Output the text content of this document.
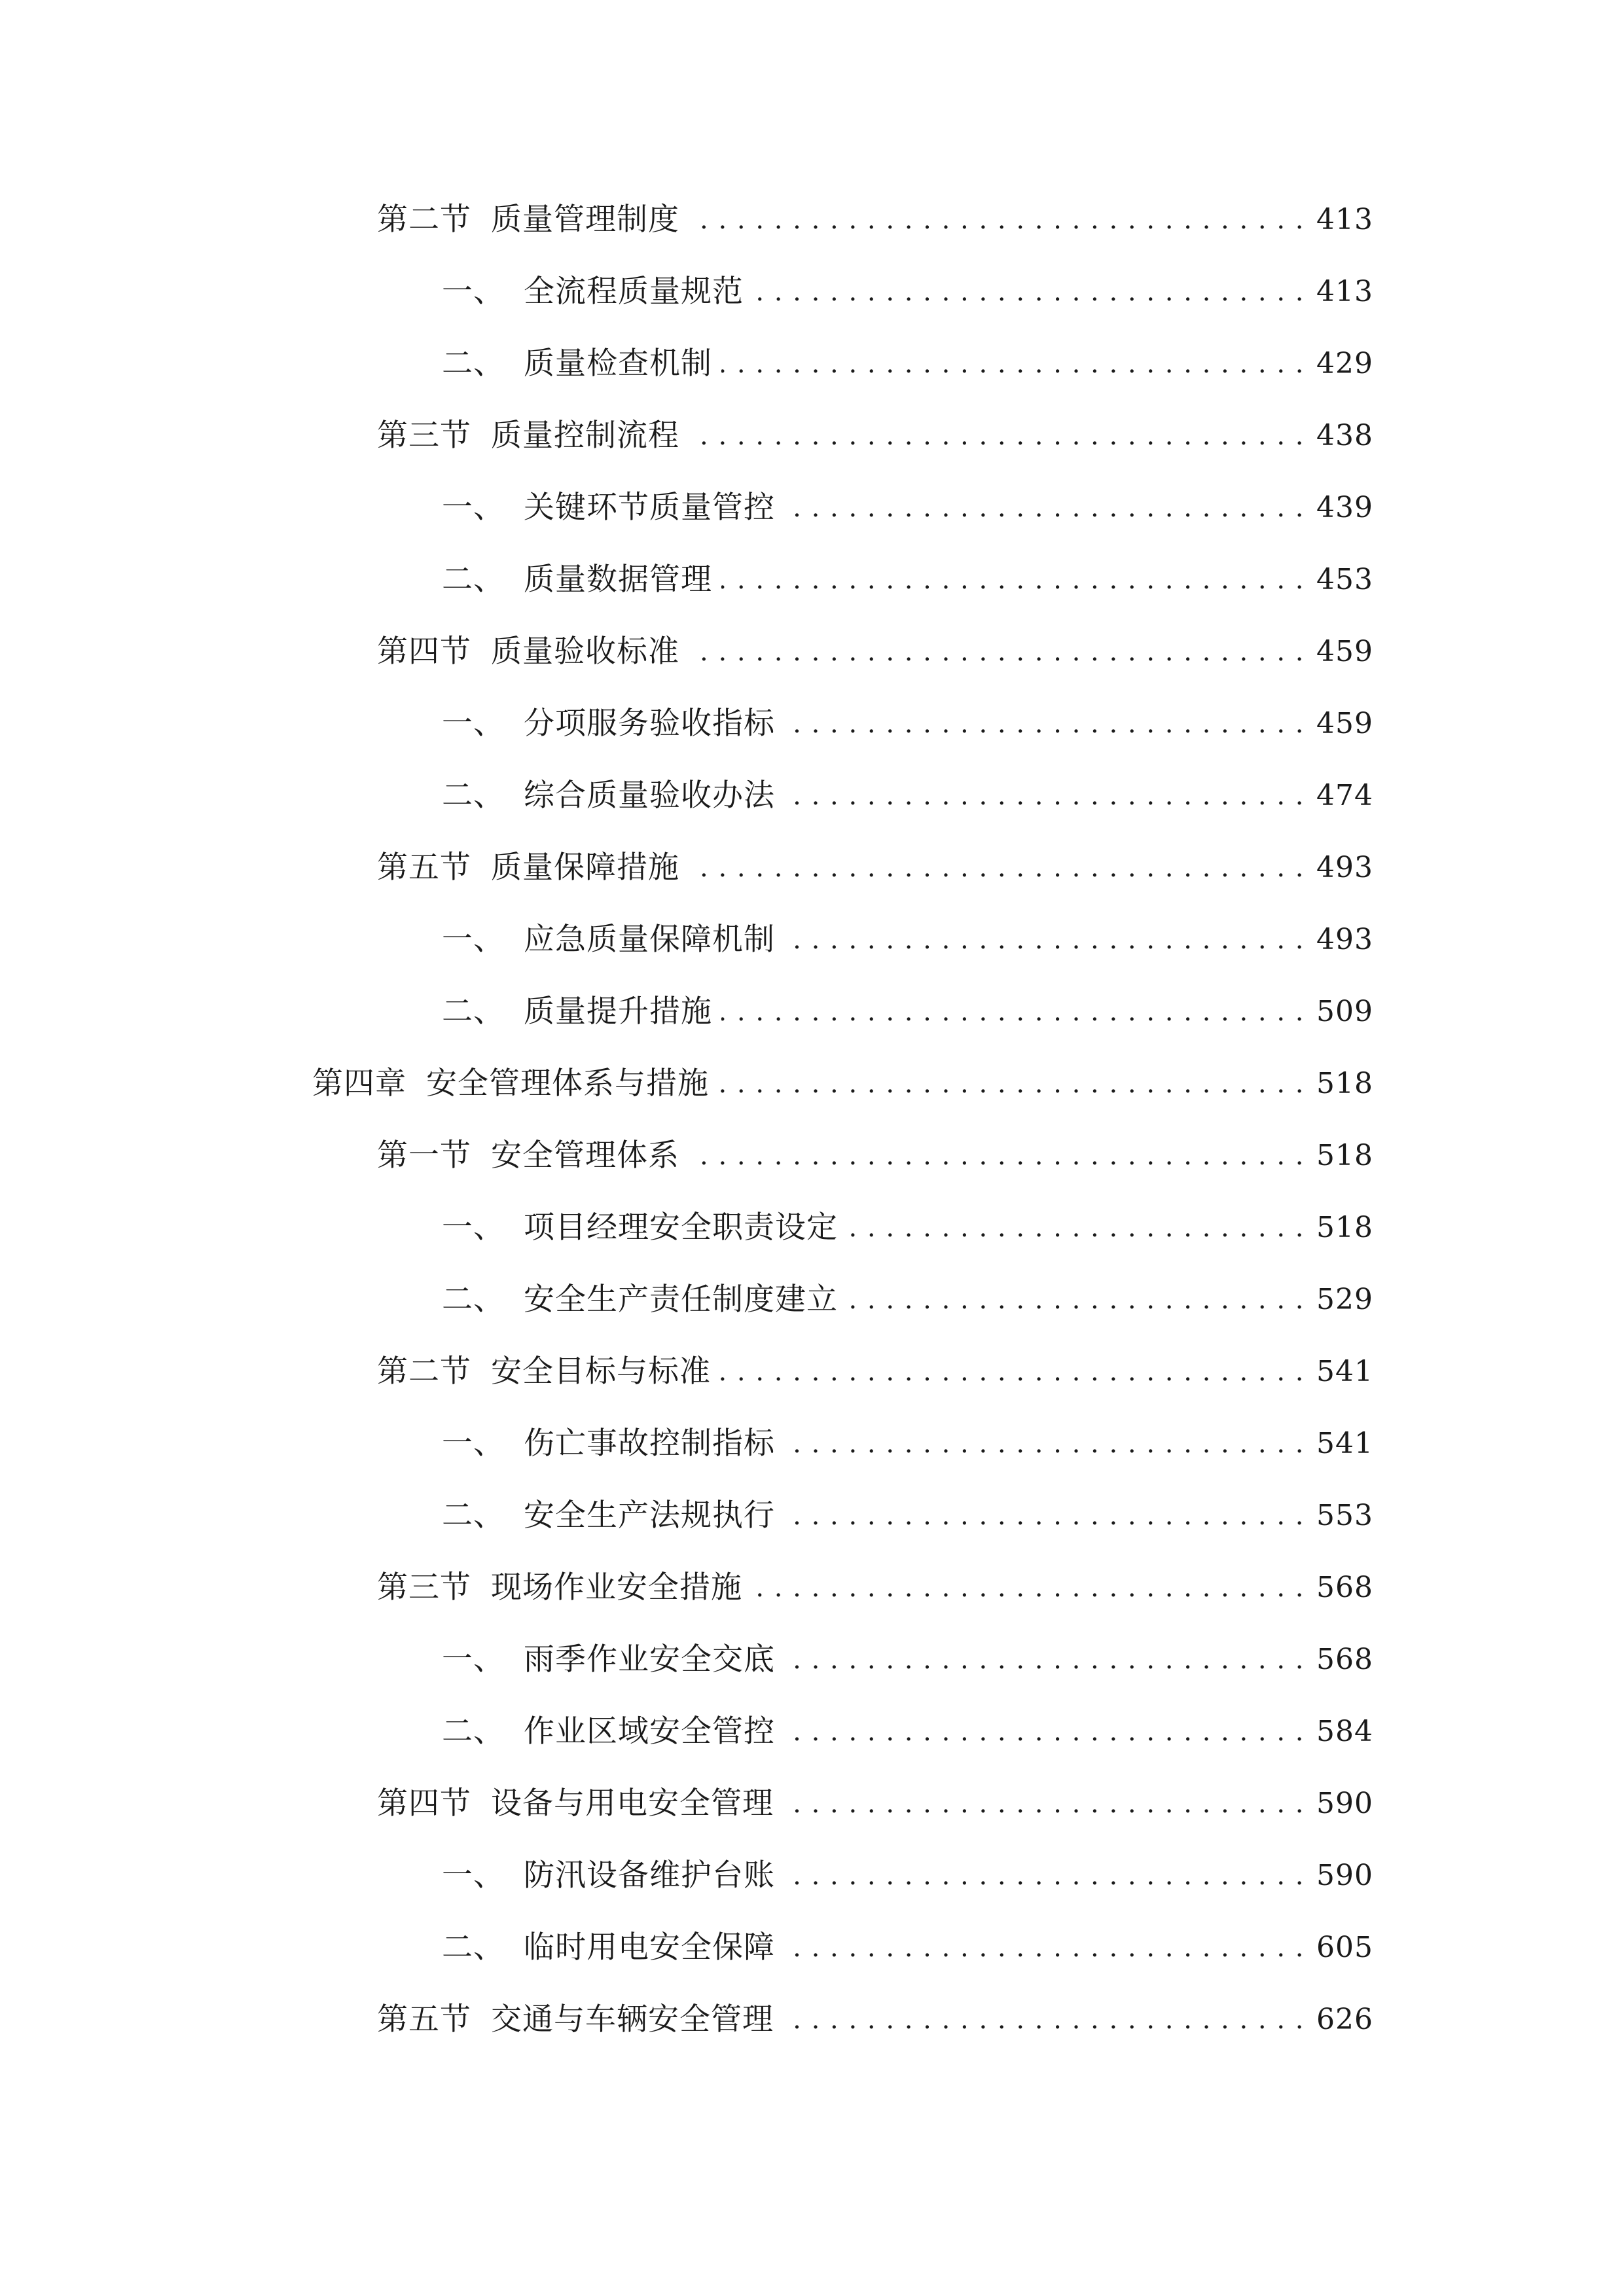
第二节 质量管理制度 . . .	413
一、 全流程质量规范 . . .	413
二、 质量检查机制 . . .	429
第三节 质量控制流程 . . .	438
一、 关键环节质量管控 . . .	439
二、 质量数据管理 . . .	453
第四节 质量验收标准 . . .	459
一、 分项服务验收指标 . . .	459
二、 综合质量验收办法 . . .	474
第五节 质量保障措施 . . .	493
一、 应急质量保障机制 . . .	493
二、 质量提升措施 . . .	509
第四章 安全管理体系与措施 . . .	518
第一节 安全管理体系 . . .	518
一、 项目经理安全职责设定 . . .	518
二、 安全生产责任制度建立 . . .	529
第二节 安全目标与标准 . . .	541
一、 伤亡事故控制指标 . . .	541
二、 安全生产法规执行 . . .	553
第三节 现场作业安全措施 . . .	568
一、 雨季作业安全交底 . . .	568
二、 作业区域安全管控 . . .	584
第四节 设备与用电安全管理 . . .	590
一、 防汛设备维护台账 . . .	590
二、 临时用电安全保障 . . .	605
第五节 交通与车辆安全管理 . . .	626
